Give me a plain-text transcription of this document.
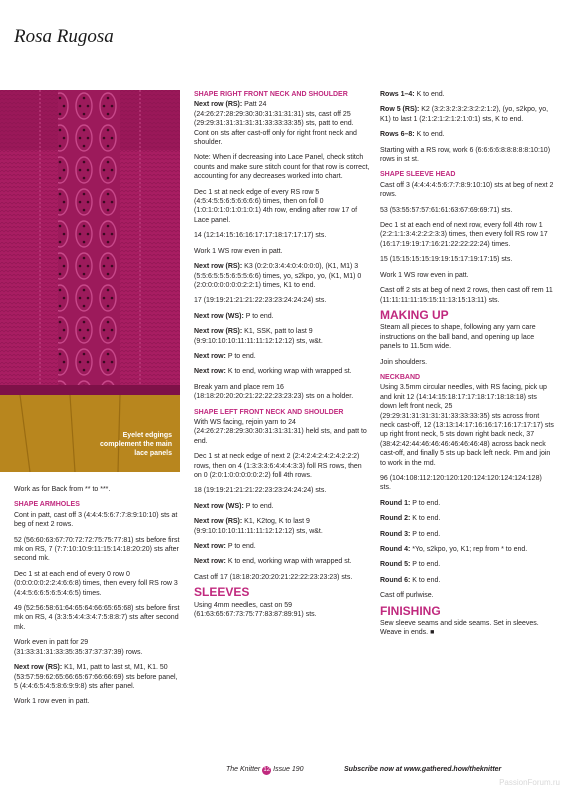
Rosa Rugosa
Eyelet edgings complement the main lace panels

Work as for Back from ** to ***.

SHAPE ARMHOLES

Cont in patt, cast off 3 (4:4:4:5:6:7:7:8:9:10:10) sts at beg of next 2 rows.

52 (56:60:63:67:70:72:72:75:75:77:81) sts before first mk on RS, 7 (7:7:10:10:9:11:15:14:18:20:20) sts after second mk.

Dec 1 st at each end of every 0 row 0 (0:0:0:0:0:2:2:4:6:6:8) times, then every foll RS row 3 (4:4:5:6:6:5:6:5:4:6:5) times.

49 (52:56:58:61:64:65:64:66:65:65:68) sts before first mk on RS, 4 (3:3:5:4:4:3:4:7:5:8:8:7) sts after second mk.

Work even in patt for 29 (31:33:31:31:33:35:35:37:37:37:39) rows.

Next row (RS): K1, M1, patt to last st, M1, K1. 50 (53:57:59:62:65:66:65:67:66:66:69) sts before panel, 5 (4:4:6:5:4:5:8:6:9:9:8) sts after panel.

Work 1 row even in patt.

SHAPE RIGHT FRONT NECK AND SHOULDER

Next row (RS): Patt 24 (24:26:27:28:29:30:30:31:31:31:31) sts, cast off 25 (29:29:31:31:31:31:31:33:33:33:35) sts, patt to end. Cont on sts after cast-off only for right front neck and shoulder.

Note: When if decreasing into Lace Panel, check stitch counts and make sure stitch count for that row is correct, accounting for any decreases worked into chart.

Dec 1 st at neck edge of every RS row 5 (4:5:4:5:5:6:5:6:6:6:6) times, then on foll 0 (1:0:1:0:1:0:1:0:1:0:1) 4th row, ending after row 17 of Lace panel.

14 (12:14:15:16:16:17:17:18:17:17:17) sts.

Work 1 WS row even in patt.

Next row (RS): K3 (0:2:0:3:4:4:0:4:0:0:0), (K1, M1) 3 (5:5:6:5:5:5:6:5:5:6:6) times, yo, s2kpo, yo, (K1, M1) 0 (2:0:0:0:0:0:0:0:2:2:1) times, K1 to end.

17 (19:19:21:21:21:22:23:23:24:24:24) sts.

Next row (WS): P to end.

Next row (RS): K1, SSK, patt to last 9 (9:9:10:10:10:11:11:11:12:12:12) sts, w&t.

Next row: P to end.

Next row: K to end, working wrap with wrapped st.

Break yarn and place rem 16 (18:18:20:20:20:21:22:22:23:23:23) sts on a holder.

SHAPE LEFT FRONT NECK AND SHOULDER

With WS facing, rejoin yarn to 24 (24:26:27:28:29:30:30:31:31:31:31) held sts, and patt to end.

Dec 1 st at neck edge of next 2 (2:4:2:4:2:4:2:4:2:2:2) rows, then on 4 (1:3:3:3:6:4:4:4:3:3) foll RS rows, then on 0 (2:0:1:0:0:0:0:0:2:2) foll 4th rows.

18 (19:19:21:21:21:22:23:23:24:24:24) sts.

Next row (WS): P to end.

Next row (RS): K1, K2tog, K to last 9 (9:9:10:10:10:11:11:11:12:12:12) sts, w&t.

Next row: P to end.

Next row: K to end, working wrap with wrapped st.

Cast off 17 (18:18:20:20:20:21:22:22:23:23:23) sts.

SLEEVES

Using 4mm needles, cast on 59 (61:63:65:67:73:75:77:83:87:89:91) sts.

Rows 1–4: K to end.

Row 5 (RS): K2 (3:2:3:2:3:2:3:2:2:1:2), (yo, s2kpo, yo, K1) to last 1 (2:1:2:1:2:1:2:1:0:1) sts, K to end.

Rows 6–8: K to end.

Starting with a RS row, work 6 (6:6:6:6:8:8:8:8:8:10:10) rows in st st.

SHAPE SLEEVE HEAD

Cast off 3 (4:4:4:4:5:6:7:7:8:9:10:10) sts at beg of next 2 rows.

53 (53:55:57:57:61:61:63:67:69:69:71) sts.

Dec 1 st at each end of next row, every foll 4th row 1 (2:2:1:1:3:4:2:2:2:3:3) times, then every foll RS row 17 (16:17:19:19:17:16:21:22:22:22:24) times.

15 (15:15:15:15:19:19:15:17:19:17:15) sts.

Work 1 WS row even in patt.

Cast off 2 sts at beg of next 2 rows, then cast off rem 11 (11:11:11:11:15:15:11:13:15:13:11) sts.

MAKING UP

Steam all pieces to shape, following any yarn care instructions on the ball band, and opening up lace panels to 11.5cm wide.

Join shoulders.

NECKBAND

Using 3.5mm circular needles, with RS facing, pick up and knit 12 (14:14:15:18:17:17:18:17:18:18:18) sts down left front neck, 25 (29:29:31:31:31:31:31:33:33:33:35) sts across front neck cast-off, 12 (13:13:14:17:16:16:17:16:17:17:17) sts up right front neck, 5 sts down right back neck, 37 (38:42:42:44:46:46:46:46:46:46:48) across back neck cast-off, and finally 5 sts up back left neck. Pm and join to work in the rnd.

96 (104:108:112:120:120:120:124:120:124:124:128) sts.

Round 1: P to end.

Round 2: K to end.

Round 3: P to end.

Round 4: *Yo, s2kpo, yo, K1; rep from * to end.

Round 5: P to end.

Round 6: K to end.

Cast off purlwise.

FINISHING

Sew sleeve seams and side seams. Set in sleeves. Weave in ends. ■

The Knitter 12 Issue 190	Subscribe now at www.gathered.how/theknitter
PassionForum.ru
